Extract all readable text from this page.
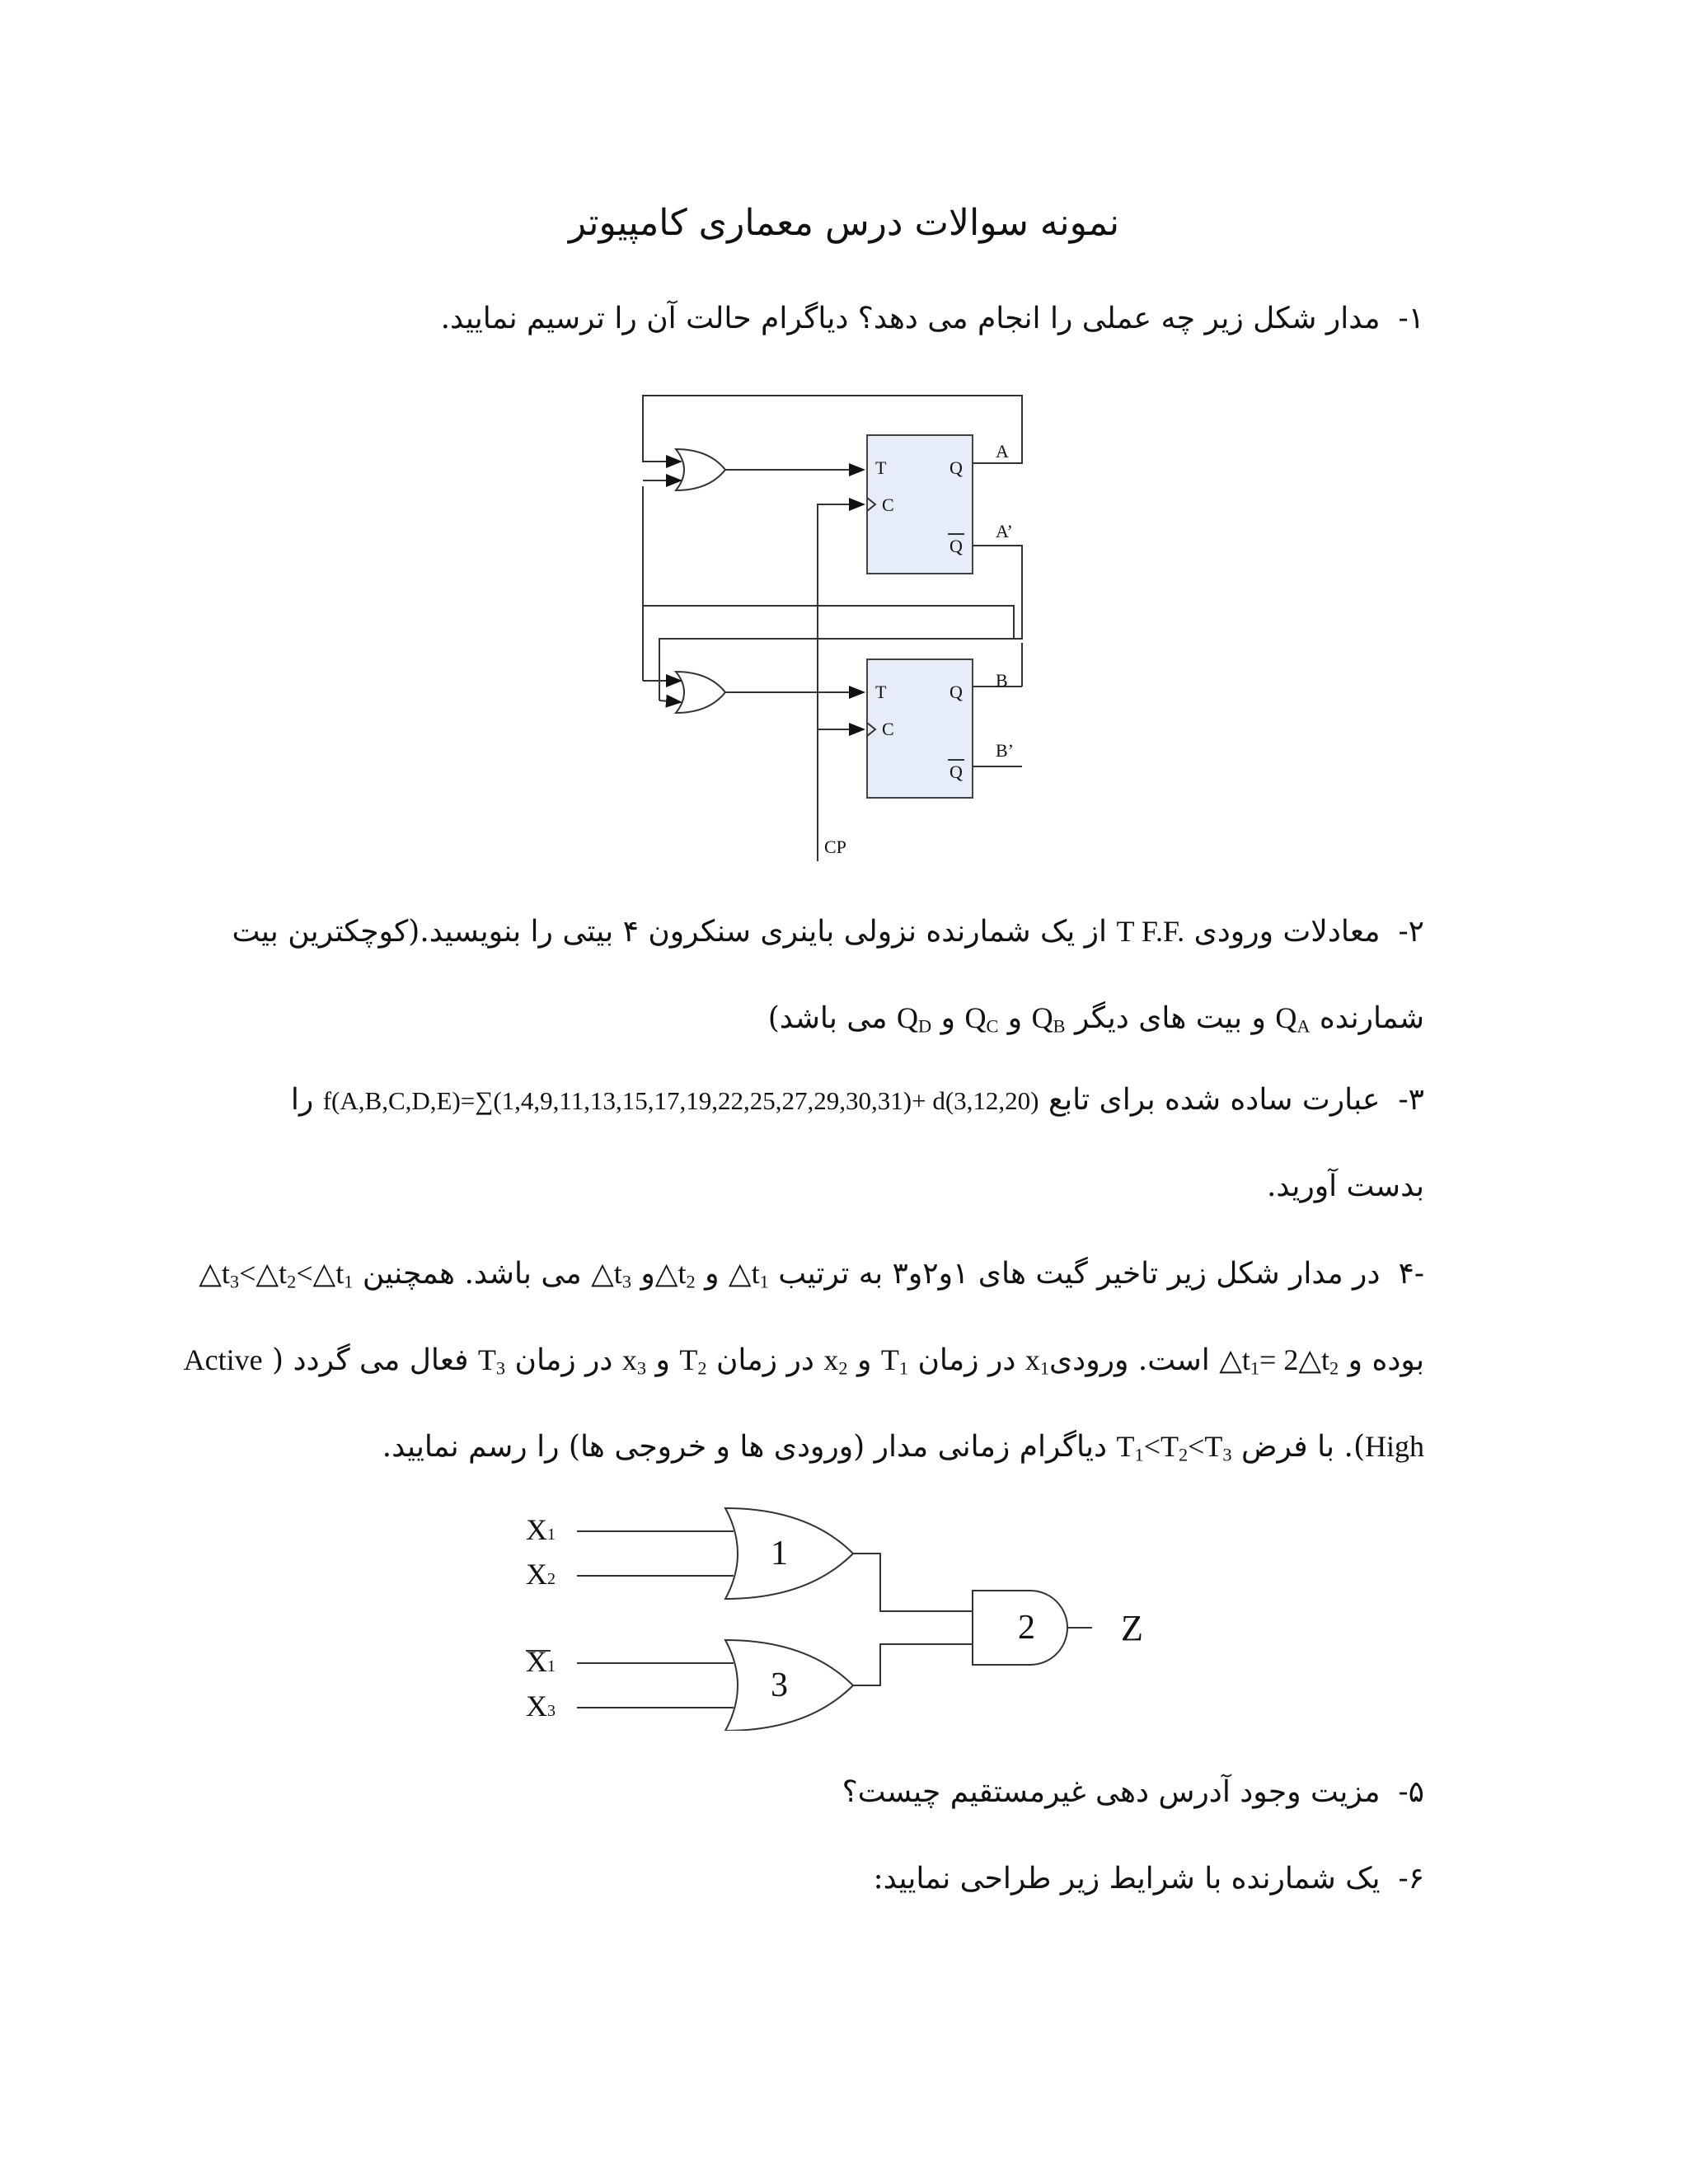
نمونه سوالات درس معماری کامپیوتر
۱-مدار شکل زیر چه عملی را انجام می دهد؟ دیاگرام حالت آن را ترسیم نمایید.
T
C
Q
Q
A
A’
T
C
Q
Q
B
B’
CP
۲-معادلات ورودی T F.F. از یک شمارنده نزولی باینری سنکرون ۴ بیتی را بنویسید.(کوچکترین بیت
شمارنده $Q_A$ و بیت های دیگر $Q_B$ و $Q_C$ و $Q_D$ می باشد)
۳-عبارت ساده شده برای تابع f(A,B,C,D,E)=∑(1,4,9,11,13,15,17,19,22,25,27,29,30,31)+ d(3,12,20) را
بدست آورید.
-۴در مدار شکل زیر تاخیر گیت های ۱و۲و۳ به ترتیب $\triangle t_1$ و $\triangle t_2و$ $\triangle t_3$ می باشد. همچنین $\triangle t_3<\triangle t_2<\triangle t_1$
بوده و $\triangle t_1=$ $2\triangle t_2$ است. ورودیx$_1$ در زمان $T_1$ و $x_2$ در زمان $T_2$ و $x_3$ در زمان $T_3$ فعال می گردد ( Active
High). با فرض $T_1<T_2<T_3$ دیاگرام زمانی مدار (ورودی ها و خروجی ها) را رسم نمایید.
X1
X2
X1
X3
1
3
2 Z
۵-مزیت وجود آدرس دهی غیرمستقیم چیست؟
۶-یک شمارنده با شرایط زیر طراحی نمایید:
